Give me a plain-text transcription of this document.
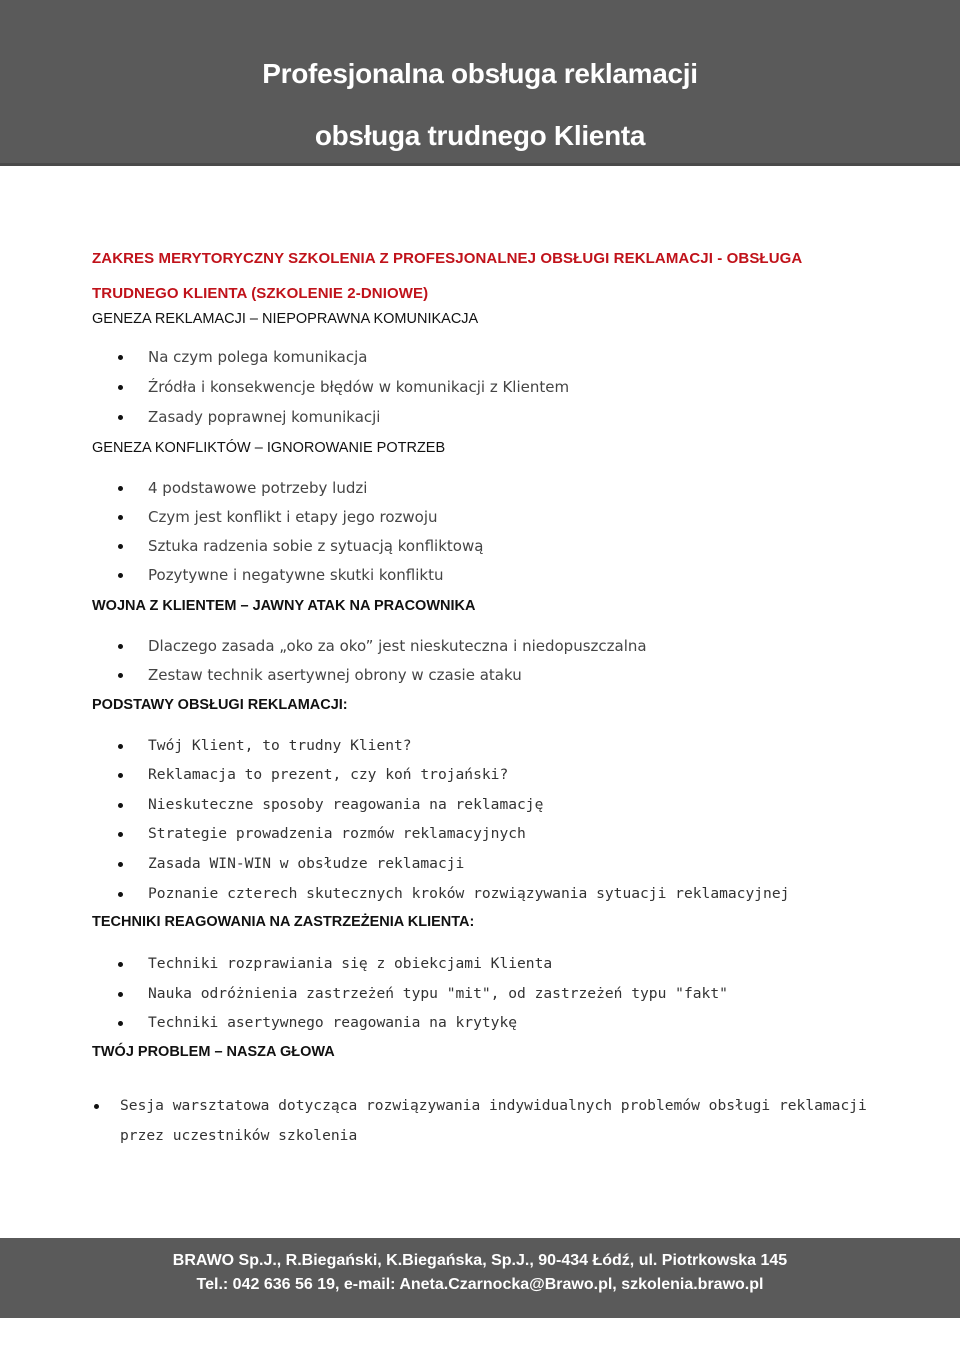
Profesjonalna obsługa reklamacji
obsługa trudnego Klienta
ZAKRES MERYTORYCZNY SZKOLENIA Z PROFESJONALNEJ OBSŁUGI REKLAMACJI - OBSŁUGA
TRUDNEGO KLIENTA (SZKOLENIE 2-DNIOWE)
GENEZA REKLAMACJI – NIEPOPRAWNA KOMUNIKACJA
Na czym polega komunikacja
Źródła i konsekwencje błędów w komunikacji z Klientem
Zasady poprawnej komunikacji
GENEZA KONFLIKTÓW – IGNOROWANIE POTRZEB
4 podstawowe potrzeby ludzi
Czym jest konflikt i etapy jego rozwoju
Sztuka radzenia sobie z sytuacją konfliktową
Pozytywne i negatywne skutki konfliktu
WOJNA Z KLIENTEM – JAWNY ATAK NA PRACOWNIKA
Dlaczego zasada „oko za oko” jest nieskuteczna i niedopuszczalna
Zestaw technik asertywnej obrony w czasie ataku
PODSTAWY OBSŁUGI REKLAMACJI:
Twój Klient, to trudny Klient?
Reklamacja to prezent, czy koń trojański?
Nieskuteczne sposoby reagowania na reklamację
Strategie prowadzenia rozmów reklamacyjnych
Zasada WIN-WIN w obsłudze reklamacji
Poznanie czterech skutecznych kroków rozwiązywania sytuacji reklamacyjnej
TECHNIKI REAGOWANIA NA ZASTRZEŻENIA KLIENTA:
Techniki rozprawiania się z obiekcjami Klienta
Nauka odróżnienia zastrzeżeń typu "mit", od zastrzeżeń typu "fakt"
Techniki asertywnego reagowania na krytykę
TWÓJ PROBLEM – NASZA GŁOWA
Sesja warsztatowa dotycząca rozwiązywania indywidualnych problemów obsługi reklamacji
przez uczestników szkolenia
BRAWO Sp.J., R.Biegański, K.Biegańska, Sp.J., 90-434 Łódź, ul. Piotrkowska 145
Tel.: 042 636 56 19, e-mail: Aneta.Czarnocka@Brawo.pl, szkolenia.brawo.pl
